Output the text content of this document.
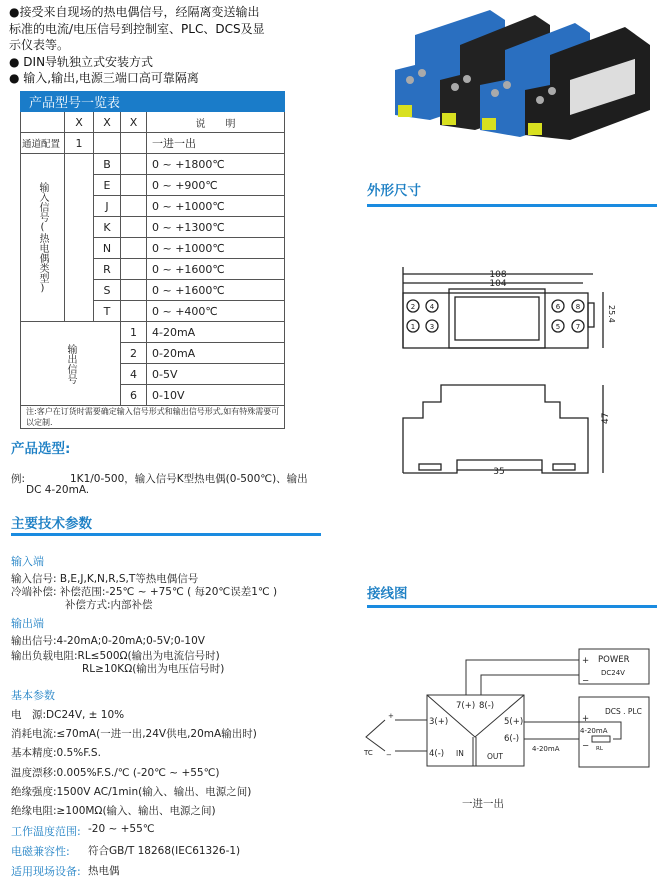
●接受来自现场的热电偶信号，经隔离变送输出
标准的电流/电压信号到控制室、PLC、DCS及显
示仪表等。
● DIN导轨独立式安装方式
● 输入,输出,电源三端口高可靠隔离
产品型号一览表				
	X	X	X	说　　明
通道配置	1			一进一出

输入信号(热电偶类型)		B		0 ~ +1800℃
		E		0 ~ +900℃
		J		0 ~ +1000℃
		K		0 ~ +1300℃
		N		0 ~ +1000℃
		R		0 ~ +1600℃
		S		0 ~ +1600℃
		T		0 ~ +400℃

输出信号			1	4-20mA
			2	0-20mA
			4	0-5V
			6	0-10V
注:客户在订货时需要确定输入信号形式和输出信号形式,如有特殊需要可以定制.				
产品选型:
例:	1K1/0-500，输入信号K型热电偶(0-500℃)、输出
DC 4-20mA.
主要技术参数
输入端
输入信号: B,E,J,K,N,R,S,T等热电偶信号
冷端补偿: 补偿范围:-25℃ ~ +75℃ ( 每20℃误差1℃ )
补偿方式:内部补偿
输出端
输出信号:4-20mA;0-20mA;0-5V;0-10V
输出负载电阻:RL≤500Ω(输出为电流信号时)
RL≥10KΩ(输出为电压信号时)
基本参数
电　源:DC24V, ± 10%
消耗电流:≤70mA(一进一出,24V供电,20mA输出时)
基本精度:0.5%F.S.
温度漂移:0.005%F.S./℃ (-20℃ ~ +55℃)
绝缘强度:1500V AC/1min(输入、输出、电源之间)
绝缘电阻:≥100MΩ(输入、输出、电源之间)
工作温度范围: -20 ~ +55℃
电磁兼容性: 符合GB/T 18268(IEC61326-1)
适用现场设备: 热电偶
外形尺寸
108
104
25.4
2 4
1 3
6 8
5 7
47
35
接线图
POWER
DC24V
+
−
DCS . PLC
+
−
4-20mA
RL
7(+) 8(-)
3(+)
4(-)
5(+)
6(-)
IN	OUT
4-20mA
TC
+
−
一进一出
